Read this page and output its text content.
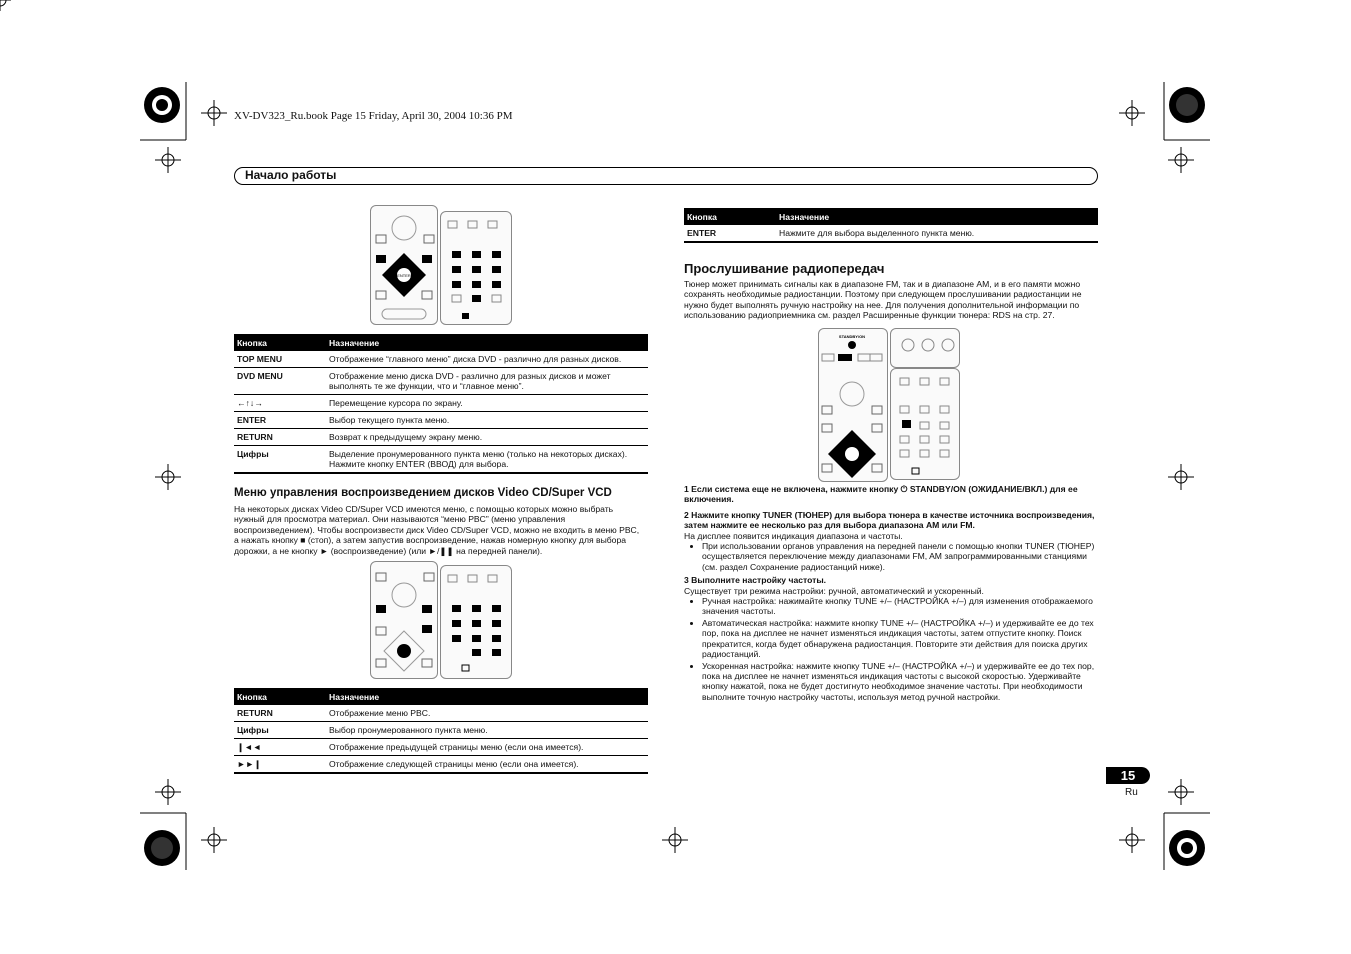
XV-DV323_Ru.book Page 15 Friday, April 30, 2004 10:36 PM
Начало работы
ENTER
Кнопка	Назначение
TOP MENU	Отображение “главного меню” диска DVD - различно для разных дисков.
DVD MENU	Отображение меню диска DVD - различно для разных дисков и может выполнять те же функции, что и “главное меню”.
←↑↓→	Перемещение курсора по экрану.
ENTER	Выбор текущего пункта меню.
RETURN	Возврат к предыдущему экрану меню.
Цифры	Выделение пронумерованного пункта меню (только на некоторых дисках). Нажмите кнопку ENTER (ВВОД) для выбора.
Меню управления воспроизведением дисков Video CD/Super VCD
На некоторых дисках Video CD/Super VCD имеются меню, с помощью которых можно выбрать нужный для просмотра материал. Они называются “меню PBC” (меню управления воспроизведением). Чтобы воспроизвести диск Video CD/Super VCD, можно не входить в меню PBC, а нажать кнопку ■ (стоп), а затем запустив воспроизведение, нажав номерную кнопку для выбора дорожки, а не кнопку ► (воспроизведение) (или ►/❚❚ на передней панели).
Кнопка	Назначение
RETURN	Отображение меню PBC.
Цифры	Выбор пронумерованного пункта меню.
❙◄◄	Отображение предыдущей страницы меню (если она имеется).
►►❙	Отображение следующей страницы меню (если она имеется).
Кнопка	Назначение
ENTER	Нажмите для выбора выделенного пункта меню.
Прослушивание радиопередач
Тюнер может принимать сигналы как в диапазоне FM, так и в диапазоне AM, и в его памяти можно сохранять необходимые радиостанции. Поэтому при следующем прослушивании радиостанции не нужно будет выполнять ручную настройку на нее. Для получения дополнительной информации по использованию радиоприемника см. раздел Расширенные функции тюнера: RDS на стр. 27.
STANDBY/ON
1 Если система еще не включена, нажмите кнопку ⏻ STANDBY/ON (ОЖИДАНИЕ/ВКЛ.) для ее включения.
2 Нажмите кнопку TUNER (ТЮНЕР) для выбора тюнера в качестве источника воспроизведения, затем нажмите ее несколько раз для выбора диапазона AM или FM.
На дисплее появится индикация диапазона и частоты.
• При использовании органов управления на передней панели с помощью кнопки TUNER (ТЮНЕР) осуществляется переключение между диапазонами FM, AM запрограммированными станциями (см. раздел Сохранение радиостанций ниже).
3 Выполните настройку частоты.
Существует три режима настройки: ручной, автоматический и ускоренный.
• Ручная настройка: нажимайте кнопку TUNE +/– (НАСТРОЙКА +/–) для изменения отображаемого значения частоты.
• Автоматическая настройка: нажмите кнопку TUNE +/– (НАСТРОЙКА +/–) и удерживайте ее до тех пор, пока на дисплее не начнет изменяться индикация частоты, затем отпустите кнопку. Поиск прекратится, когда будет обнаружена радиостанция. Повторите эти действия для поиска других радиостанций.
• Ускоренная настройка: нажмите кнопку TUNE +/– (НАСТРОЙКА +/–) и удерживайте ее до тех пор, пока на дисплее не начнет изменяться индикация частоты с высокой скоростью. Удерживайте кнопку нажатой, пока не будет достигнуто необходимое значение частоты. При необходимости выполните точную настройку частоты, используя метод ручной настройки.
15
Ru
